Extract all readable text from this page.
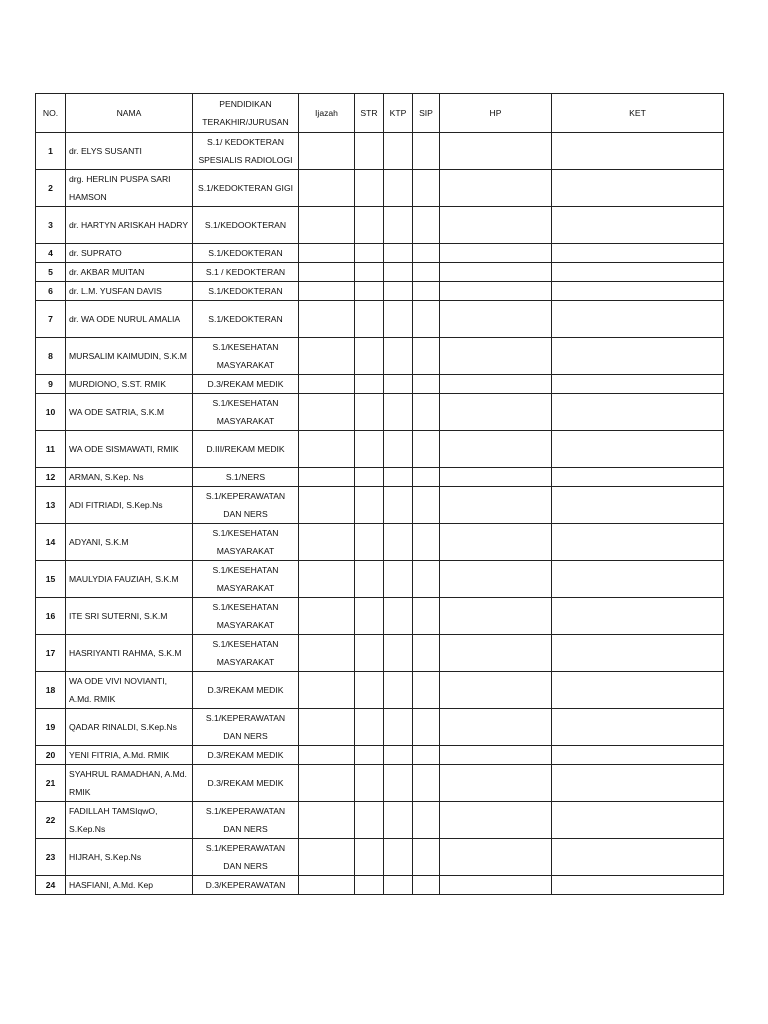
NO.	NAMA	PENDIDIKAN TERAKHIR/JURUSAN	Ijazah	STR	KTP	SIP	HP	KET
1	dr. ELYS SUSANTI	S.1/ KEDOKTERAN SPESIALIS RADIOLOGI						
2	drg. HERLIN PUSPA SARI HAMSON	S.1/KEDOKTERAN GIGI						
3	dr. HARTYN ARISKAH HADRY	S.1/KEDOOKTERAN						
4	dr. SUPRATO	S.1/KEDOKTERAN						
5	dr. AKBAR MUITAN	S.1 / KEDOKTERAN						
6	dr. L.M. YUSFAN DAVIS	S.1/KEDOKTERAN						
7	dr. WA ODE NURUL AMALIA	S.1/KEDOKTERAN						
8	MURSALIM KAIMUDIN, S.K.M	S.1/KESEHATAN MASYARAKAT						
9	MURDIONO, S.ST. RMIK	D.3/REKAM MEDIK						
10	WA ODE SATRIA, S.K.M	S.1/KESEHATAN MASYARAKAT						
11	WA ODE SISMAWATI, RMIK	D.III/REKAM MEDIK						
12	ARMAN, S.Kep. Ns	S.1/NERS						
13	ADI FITRIADI, S.Kep.Ns	S.1/KEPERAWATAN DAN NERS						
14	ADYANI, S.K.M	S.1/KESEHATAN MASYARAKAT						
15	MAULYDIA FAUZIAH, S.K.M	S.1/KESEHATAN MASYARAKAT						
16	ITE SRI SUTERNI, S.K.M	S.1/KESEHATAN MASYARAKAT						
17	HASRIYANTI RAHMA, S.K.M	S.1/KESEHATAN MASYARAKAT						
18	WA ODE VIVI NOVIANTI, A.Md. RMIK	D.3/REKAM MEDIK						
19	QADAR RINALDI, S.Kep.Ns	S.1/KEPERAWATAN DAN NERS						
20	YENI FITRIA, A.Md. RMIK	D.3/REKAM MEDIK						
21	SYAHRUL RAMADHAN, A.Md. RMIK	D.3/REKAM MEDIK						
22	FADILLAH TAMSIqwO, S.Kep.Ns	S.1/KEPERAWATAN DAN NERS						
23	HIJRAH, S.Kep.Ns	S.1/KEPERAWATAN DAN NERS						
24	HASFIANI, A.Md. Kep	D.3/KEPERAWATAN						
